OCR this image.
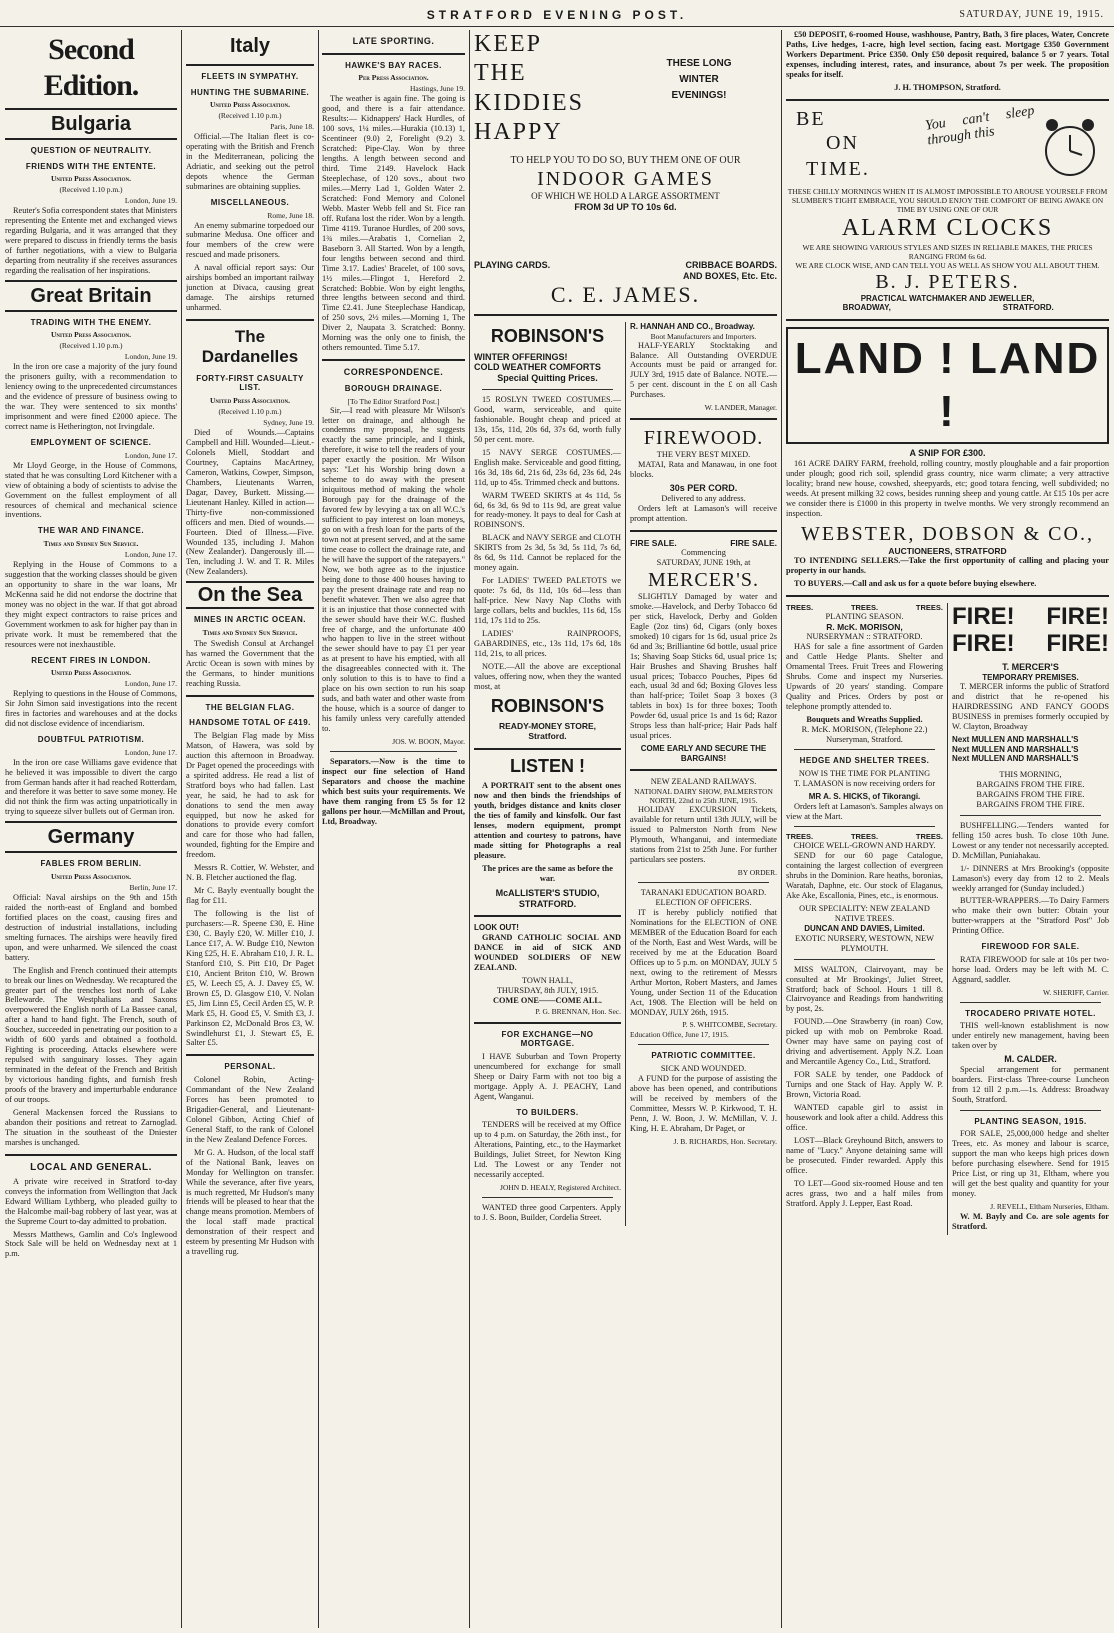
STRATFORD EVENING POST.	SATURDAY, JUNE 19, 1915.
Second Edition.
Bulgaria
QUESTION OF NEUTRALITY.
FRIENDS WITH THE ENTENTE.
United Press Association.
(Received 1.10 p.m.)
London, June 19.

Reuter's Sofia correspondent states that Ministers representing the Entente met and exchanged views regarding Bulgaria, and it was arranged that they were prepared to discuss in friendly terms the basis of further negotiations, with a view to Bulgaria departing from neutrality if she receives assurances regarding the realisation of her inspirations.

Great Britain
TRADING WITH THE ENEMY.
United Press Association.
(Received 1.10 p.m.)
London, June 19.

In the iron ore case a majority of the jury found the prisoners guilty, with a recommendation to leniency owing to the unprecedented circumstances and the evidence of pressure of business owing to the war. They were sentenced to six months' imprisonment and were fined £2000 apiece. The correct name is Hetherington, not Irvingdale.

EMPLOYMENT OF SCIENCE.
London, June 17.

Mr Lloyd George, in the House of Commons, stated that he was consulting Lord Kitchener with a view of obtaining a body of scientists to advise the Government on the fullest employment of all resources of chemical and mechanical science inventions.

THE WAR AND FINANCE.
Times and Sydney Sun Service.
London, June 17.

Replying in the House of Commons to a suggestion that the working classes should be given an opportunity to share in the war loans, Mr McKenna said he did not endorse the doctrine that money was no object in the war. If that got abroad they might expect contractors to raise prices and Government workmen to ask for higher pay than in private work. It must be remembered that the resources were not inexhaustible.

RECENT FIRES IN LONDON.
United Press Association.
London, June 17.

Replying to questions in the House of Commons, Sir John Simon said investigations into the recent fires in factories and warehouses and at the docks did not disclose evidence of incendiarism.

DOUBTFUL PATRIOTISM.
London, June 17.

In the iron ore case Williams gave evidence that he believed it was impossible to divert the cargo from German hands after it had reached Rotterdam, and therefore it was better to save some money. He did not think the firm was acting unpatriotically in trying to squeeze silver bullets out of German iron.

Germany
FABLES FROM BERLIN.
United Press Association.
Berlin, June 17.

Official: Naval airships on the 9th and 15th raided the north-east of England and bombed fortified places on the coast, causing fires and destruction of industrial installations, including smelting furnaces. The airships were heavily fired upon, and were unharmed. We silenced the coast battery.

The English and French continued their attempts to break our lines on Wednesday. We recaptured the greater part of the trenches lost north of Lake Bellewarde. The Westphalians and Saxons overpowered the English north of La Bassee canal, after a hand to hand fight. The French, south of Souchez, succeeded in penetrating our position to a width of 600 yards and obtained a foothold. Fighting is proceeding. Attacks elsewhere were repulsed with sanguinary losses. They again terminated in the defeat of the French and British by victorious handing fights, and furnish fresh proofs of the bravery and imperturbable endurance of our troops.

General Mackensen forced the Russians to abandon their positions and retreat to Zarnoglad. The situation in the southeast of the Dniester marshes is unchanged.

LOCAL AND GENERAL.

A private wire received in Stratford to-day conveys the information from Wellington that Jack Edward William Lythberg, who pleaded guilty to the Halcombe mail-bag robbery of last year, was at the Supreme Court to-day admitted to probation.

Messrs Matthews, Gamlin and Co's Inglewood Stock Sale will be held on Wednesday next at 1 p.m.

Italy
FLEETS IN SYMPATHY.
HUNTING THE SUBMARINE.
United Press Association.
(Received 1.10 p.m.)
Paris, June 18.

Official.—The Italian fleet is co-operating with the British and French in the Mediterranean, policing the Adriatic, and seeking out the petrol depots whence the German submarines are obtaining supplies.

MISCELLANEOUS.
Rome, June 18.

An enemy submarine torpedoed our submarine Medusa. One officer and four members of the crew were rescued and made prisoners.

A naval official report says: Our airships bombed an important railway junction at Divaca, causing great damage. The airships returned unharmed.

The Dardanelles
FORTY-FIRST CASUALTY LIST.
United Press Association.
(Received 1.10 p.m.)
Sydney, June 19.

Died of Wounds.—Captains Campbell and Hill. Wounded—Lieut.-Colonels Miell, Stoddart and Courtney, Captains MacArtney, Cameron, Watkins, Cowper, Simpson, Chambers, Lieutenants Warren, Dagar, Davey, Burkett. Missing.—Lieutenant Hanley. Killed in action—Thirty-five non-commissioned officers and men. Died of wounds.—Fourteen. Died of Illness.—Five. Wounded 135, including J. Mahon (New Zealander). Dangerously ill.—Ten, including J. W. and T. R. Miles (New Zealanders).

On the Sea
MINES IN ARCTIC OCEAN.
Times and Sydney Sun Service.

The Swedish Consul at Archangel has warned the Government that the Arctic Ocean is sown with mines by the Germans, to hinder munitions reaching Russia.

THE BELGIAN FLAG.
HANDSOME TOTAL OF £419.

The Belgian Flag made by Miss Matson, of Hawera, was sold by auction this afternoon in Broadway. Dr Paget opened the proceedings with a spirited address. He read a list of Stratford boys who had fallen. Last year, he said, he had to ask for donations to send the men away equipped, but now he asked for donations to provide every comfort and care for those who had fallen, wounded, fighting for the Empire and freedom.

Messrs R. Cottier, W. Webster, and N. B. Fletcher auctioned the flag.

Mr C. Bayly eventually bought the flag for £11.

The following is the list of purchasers:—R. Speene £30, E. Hine £30, C. Bayly £20, W. Miller £10, J. Lance £17, A. W. Budge £10, Newton King £25, H. E. Abraham £10, J. R. L. Stanford £10, S. Pitt £10, Dr Paget £10, Ancient Briton £10, W. Brown £5, W. Leech £5, A. J. Davey £5, W. Brown £5, D. Glasgow £10, V. Nolan £5, Jim Linn £5, Cecil Arden £5, W. P. Mark £5, H. Good £5, V. Smith £3, J. Parkinson £2, McDonald Bros £3, W. Swindlehurst £1, J. Stewart £5, E. Salter £5.

PERSONAL.

Colonel Robin, Acting-Commandant of the New Zealand Forces has been promoted to Brigadier-General, and Lieutenant-Colonel Gibbon, Acting Chief of General Staff, to the rank of Colonel in the New Zealand Defence Forces.

Mr G. A. Hudson, of the local staff of the National Bank, leaves on Monday for Wellington on transfer. While the severance, after five years, is much regretted, Mr Hudson's many friends will be pleased to hear that the change means promotion. Members of the local staff made practical demonstration of their respect and esteem by presenting Mr Hudson with a travelling rug.

LATE SPORTING.
HAWKE'S BAY RACES.
Per Press Association.
Hastings, June 19.

The weather is again fine. The going is good, and there is a fair attendance. Results:— Kidnappers' Hack Hurdles, of 100 sovs, 1¼ miles.—Hurakia (10.13) 1, Scentineer (9.0) 2, Forelight (9.2) 3. Scratched: Pipe-Clay. Won by three lengths. A length between second and third. Time 2149. Havelock Hack Steeplechase, of 120 sovs., about two miles.—Merry Lad 1, Golden Water 2. Scratched: Fond Memory and Colonel Webb. Master Webb fell and St. Fice ran off. Rufana lost the rider. Won by a length. Time 4119. Turanoe Hurdles, of 200 sovs, 1¾ miles.—Arabatis 1, Cornelian 2, Baseborn 3. All Started. Won by a length, four lengths between second and third. Time 3.17. Ladies' Bracelet, of 100 sovs, 1½ miles.—Flingot 1, Hereford 2. Scratched: Bobbie. Won by eight lengths, three lengths between second and third. Time £2.41. June Steeplechase Handicap, of 250 sovs, 2½ miles.—Morning 1, The Diver 2, Naupata 3. Scratched: Bonny. Morning was the only one to finish, the others remounted. Time 5.17.

CORRESPONDENCE.
BOROUGH DRAINAGE.
[To The Editor Stratford Post.]

Sir,—I read with pleasure Mr Wilson's letter on drainage, and although he condemns my proposal, he suggests exactly the same principle, and I think, therefore, it wise to tell the readers of your paper exactly the position. Mr Wilson says: "Let his Worship bring down a scheme to do away with the present iniquitous method of making the whole Borough pay for the drainage of the favored few by levying a tax on all W.C.'s sufficient to pay interest on loan moneys, go on with a fresh loan for the parts of the town not at present served, and at the same time cease to collect the drainage rate, and he will have the support of the ratepayers." Now, we both agree as to the injustice being done to those 400 houses having to pay the present drainage rate and reap no benefit whatever. Then we also agree that it is an injustice that those connected with the sewer should have their W.C. flushed free of charge, and the unfortunate 400 who happen to live in the street without the sewer should have to pay £1 per year as at present to have his emptied, with all the disagreeables connected with it. The only solution to this is to have to find a place on his own section to run his soap suds, and bath water and other waste from the house, which is a source of danger to his family unless very carefully attended to.

JOS. W. BOON, Mayor.

Separators.—Now is the time to inspect our fine selection of Hand Separators and choose the machine which best suits your requirements. We have them ranging from £5 5s for 12 gallons per hour.—McMillan and Prout, Ltd, Broadway.

KEEP
THE
KIDDIES
HAPPY
THESE LONG WINTER EVENINGS!
TO HELP YOU TO DO SO, BUY THEM ONE OF OUR
INDOOR GAMES
OF WHICH WE HOLD A LARGE ASSORTMENT
FROM 3d UP TO 10s 6d.
PLAYING CARDS.	CRIBBACE BOARDS.
AND BOXES, Etc. Etc.
C. E. JAMES.
ROBINSON'S
WINTER OFFERINGS!
COLD WEATHER COMFORTS
Special Quitting Prices.

15 ROSLYN TWEED COSTUMES.—Good, warm, serviceable, and quite fashionable. Bought cheap and priced at 13s, 15s, 11d, 20s 6d, 37s 6d, worth fully 50 per cent. more.

15 NAVY SERGE COSTUMES.—English make. Serviceable and good fitting, 16s 3d, 18s 6d, 21s 6d, 23s 6d, 23s 6d, 24s 11d, up to 45s. Trimmed check and buttons.

WARM TWEED SKIRTS at 4s 11d, 5s 6d, 6s 3d, 6s 9d to 11s 9d, are great value for ready-money. It pays to deal for Cash at ROBINSON'S.

BLACK and NAVY SERGE and CLOTH SKIRTS from 2s 3d, 5s 3d, 5s 11d, 7s 6d, 8s 6d, 9s 11d. Cannot be replaced for the money again.

For LADIES' TWEED PALETOTS we quote: 7s 6d, 8s 11d, 10s 6d—less than half-price. New Navy Nap Cloths with large collars, belts and buckles, 11s 6d, 15s 11d, 17s 11d to 25s.

LADIES' RAINPROOFS, GABARDINES, etc., 13s 11d, 17s 6d, 18s 11d, 21s, to all prices.

NOTE.—All the above are exceptional values, offering now, when they the wanted most, at

ROBINSON'S
READY-MONEY STORE,
Stratford.
LISTEN !

A PORTRAIT sent to the absent ones now and then binds the friendships of youth, bridges distance and knits closer the ties of family and kinsfolk. Our fast lenses, modern equipment, prompt attention and courtesy to patrons, have made sitting for Photographs a real pleasure.

The prices are the same as before the war.
McALLISTER'S STUDIO,
STRATFORD.
LOOK OUT!

GRAND CATHOLIC SOCIAL AND DANCE in aid of SICK AND WOUNDED SOLDIERS OF NEW ZEALAND.

TOWN HALL,
THURSDAY, 8th JULY, 1915.
COME ONE——COME ALL.
P. G. BRENNAN, Hon. Sec.
FOR EXCHANGE—NO MORTGAGE.

I HAVE Suburban and Town Property unencumbered for exchange for small Sheep or Dairy Farm with not too big a mortgage. Apply A. J. PEACHY, Land Agent, Wanganui.

TO BUILDERS.

TENDERS will be received at my Office up to 4 p.m. on Saturday, the 26th inst., for Alterations, Painting, etc., to the Haymarket Buildings, Juliet Street, for Newton King Ltd. The Lowest or any Tender not necessarily accepted.

JOHN D. HEALY, Registered Architect.

WANTED three good Carpenters. Apply to J. S. Boon, Builder, Cordelia Street.

R. HANNAH AND CO., Broadway.
Boot Manufacturers and Importers.

HALF-YEARLY Stocktaking and Balance. All Outstanding OVERDUE Accounts must be paid or arranged for. JULY 3rd, 1915 date of Balance. NOTE.—5 per cent. discount in the £ on all Cash Purchases.

W. LANDER, Manager.
FIREWOOD.
THE VERY BEST MIXED.

MATAI, Rata and Manawau, in one foot blocks.

30s PER CORD.
Delivered to any address.

Orders left at Lamason's will receive prompt attention.

FIRE SALE.	FIRE SALE.
Commencing
SATURDAY, JUNE 19th, at
MERCER'S.

SLIGHTLY Damaged by water and smoke.—Havelock, and Derby Tobacco 6d per stick, Havelock, Derby and Golden Eagle (2oz tins) 6d, Cigars (only boxes smoked) 10 cigars for 1s 6d, usual price 2s 6d and 3s; Brilliantine 6d bottle, usual price 1s; Shaving Soap Sticks 6d, usual price 1s; Hair Brushes and Shaving Brushes half usual prices; Tobacco Pouches, Pipes 6d each, usual 3d and 6d; Boxing Gloves less than half-price; Toilet Soap 3 boxes (3 tablets in box) 1s for three boxes; Tooth Powder 6d, usual price 1s and 1s 6d; Razor Strops less than half-price; Hair Pads half usual prices.

COME EARLY AND SECURE THE BARGAINS!
NEW ZEALAND RAILWAYS.
NATIONAL DAIRY SHOW, PALMERSTON NORTH, 22nd to 25th JUNE, 1915.

HOLIDAY EXCURSION Tickets, available for return until 13th JULY, will be issued to Palmerston North from New Plymouth, Whanganui, and intermediate stations from 21st to 25th June. For further particulars see posters.

BY ORDER.
TARANAKI EDUCATION BOARD.
ELECTION OF OFFICERS.

IT is hereby publicly notified that Nominations for the ELECTION of ONE MEMBER of the Education Board for each of the North, East and West Wards, will be received by me at the Education Board Offices up to 5 p.m. on MONDAY, JULY 5 next, owing to the retirement of Messrs Arthur Morton, Robert Masters, and James Young, under Section 11 of the Education Act, 1908. The Election will be held on MONDAY, JULY 26th, 1915.

P. S. WHITCOMBE, Secretary.
Education Office, June 17, 1915.
PATRIOTIC COMMITTEE.
SICK AND WOUNDED.

A FUND for the purpose of assisting the above has been opened, and contributions will be received by members of the Committee, Messrs W. P. Kirkwood, T. H. Penn, J. W. Boon, J. W. McMillan, V. J. King, H. E. Abraham, Dr Paget, or

J. B. RICHARDS, Hon. Secretary.

£50 DEPOSIT, 6-roomed House, washhouse, Pantry, Bath, 3 fire places, Water, Concrete Paths, Live hedges, 1-acre, high level section, facing east. Mortgage £350 Government Workers Department. Price £350. Only £50 deposit required, balance 5 or 7 years. Total expenses, including interest, rates, and insurance, about 7s per week. The proposition speaks for itself.

J. H. THOMPSON, Stratford.
BE
ON
TIME.
You can't sleep through this
THESE CHILLY MORNINGS WHEN IT IS ALMOST IMPOSSIBLE TO AROUSE YOURSELF FROM SLUMBER'S TIGHT EMBRACE, YOU SHOULD ENJOY THE COMFORT OF BEING AWAKE ON TIME BY USING ONE OF OUR
ALARM CLOCKS
WE ARE SHOWING VARIOUS STYLES AND SIZES IN RELIABLE MAKES, THE PRICES RANGING FROM 6s 6d.
WE ARE CLOCK WISE, AND CAN TELL YOU AS WELL AS SHOW YOU ALL ABOUT THEM.
B. J. PETERS.
PRACTICAL WATCHMAKER AND JEWELLER,
BROADWAY,	STRATFORD.
LAND ! LAND !
A SNIP FOR £300.

161 ACRE DAIRY FARM, freehold, rolling country, mostly ploughable and a fair proportion under plough; good rich soil, splendid grass country, nice warm climate; a very attractive locality; brand new house, cowshed, sheepyards, etc; good totara fencing, well subdivided; no weeds. At present milking 32 cows, besides running sheep and young cattle. At £15 10s per acre we consider there is £1000 in this property in twelve months. We very strongly recommend an inspection.

WEBSTER, DOBSON & CO.,
AUCTIONEERS, STRATFORD

TO INTENDING SELLERS.—Take the first opportunity of calling and placing your property in our hands.

TO BUYERS.—Call and ask us for a quote before buying elsewhere.

TREES.	TREES.	TREES.
PLANTING SEASON.
R. McK. MORISON,
NURSERYMAN :: STRATFORD.

HAS for sale a fine assortment of Garden and Cattle Hedge Plants. Shelter and Ornamental Trees. Fruit Trees and Flowering Shrubs. Come and inspect my Nurseries. Upwards of 20 years' standing. Compare Quality and Prices. Orders by post or telephone promptly attended to.

Bouquets and Wreaths Supplied.
R. McK. MORISON, (Telephone 22.) Nurseryman, Stratford.
HEDGE AND SHELTER TREES.
NOW IS THE TIME FOR PLANTING

T. LAMASON is now receiving orders for

MR A. S. HICKS, of Tikorangi.

Orders left at Lamason's. Samples always on view at the Mart.

TREES.	TREES.	TREES.
CHOICE WELL-GROWN AND HARDY.

SEND for our 60 page Catalogue, containing the largest collection of evergreen shrubs in the Dominion. Rare heaths, boronias, Waratah, Daphne, etc. Our stock of Elaganus, Ake Ake, Escallonia, Pines, etc., is enormous.

OUR SPECIALITY: NEW ZEALAND NATIVE TREES.
DUNCAN AND DAVIES, Limited.
EXOTIC NURSERY, WESTOWN, NEW PLYMOUTH.

MISS WALTON, Clairvoyant, may be consulted at Mr Brookings', Juliet Street, Stratford; back of School. Hours 1 till 8. Clairvoyance and Readings from handwriting by post, 2s.

FOUND.—One Strawberry (in roan) Cow, picked up with mob on Pembroke Road. Owner may have same on paying cost of driving and advertisement. Apply N.Z. Loan and Mercantile Agency Co., Ltd., Stratford.

FOR SALE by tender, one Paddock of Turnips and one Stack of Hay. Apply W. P. Brown, Victoria Road.

WANTED capable girl to assist in housework and look after a child. Address this office.

LOST—Black Greyhound Bitch, answers to name of "Lucy." Anyone detaining same will be prosecuted. Finder rewarded. Apply this office.

TO LET—Good six-roomed House and ten acres grass, two and a half miles from Stratford. Apply J. Lepper, East Road.

FIRE!	FIRE!
FIRE!	FIRE!
T. MERCER'S
TEMPORARY PREMISES.

T. MERCER informs the public of Stratford and district that he re-opened his HAIRDRESSING AND FANCY GOODS BUSINESS in premises formerly occupied by W. Clayton, Broadway

Next MULLEN AND MARSHALL'S
Next MULLEN AND MARSHALL'S
Next MULLEN AND MARSHALL'S
THIS MORNING,
BARGAINS FROM THE FIRE.
BARGAINS FROM THE FIRE.
BARGAINS FROM THE FIRE.

BUSHFELLING.—Tenders wanted for felling 150 acres bush. To close 10th June. Lowest or any tender not necessarily accepted. D. McMillan, Puniahakau.

1/- DINNERS at Mrs Brooking's (opposite Lamason's) every day from 12 to 2. Meals weekly arranged for (Sunday included.)

BUTTER-WRAPPERS.—To Dairy Farmers who make their own butter: Obtain your butter-wrappers at the "Stratford Post" Job Printing Office.

FIREWOOD FOR SALE.

RATA FIREWOOD for sale at 10s per two-horse load. Orders may be left with M. C. Aggnard, saddler.

W. SHERIFF, Carrier.
TROCADERO PRIVATE HOTEL.

THIS well-known establishment is now under entirely new management, having been taken over by

M. CALDER.

Special arrangement for permanent boarders. First-class Three-course Luncheon from 12 till 2 p.m.—1s. Address: Broadway South, Stratford.

PLANTING SEASON, 1915.

FOR SALE, 25,000,000 hedge and shelter Trees, etc. As money and labour is scarce, support the man who keeps high prices down before purchasing elsewhere. Send for 1915 Price List, or ring up 31, Eltham, where you will get the best quality and quantity for your money.

J. REVELL, Eltham Nurseries, Eltham.

W. M. Bayly and Co. are sole agents for Stratford.
